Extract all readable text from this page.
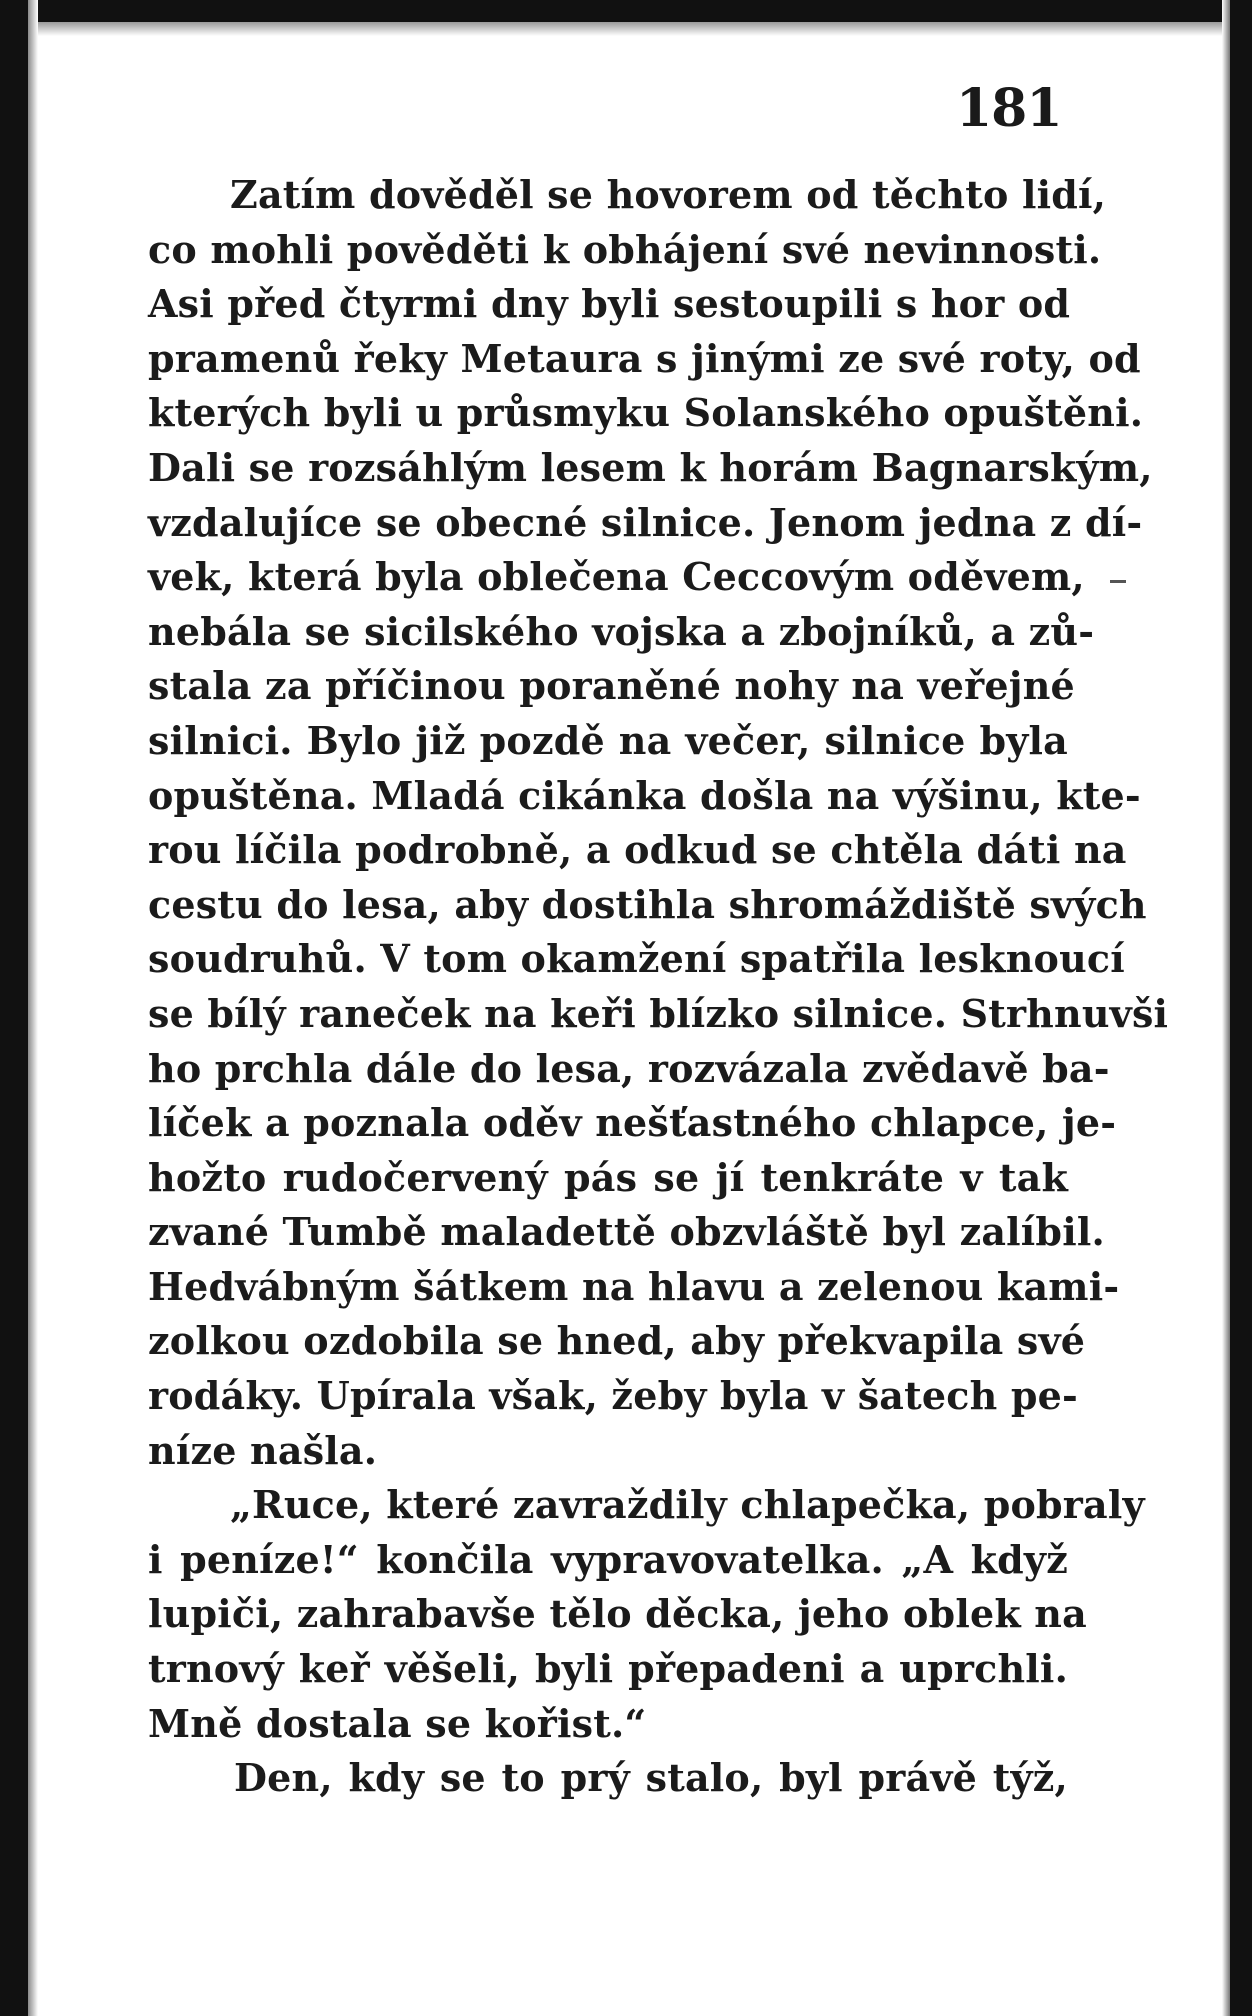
181
Zatím dověděl se hovorem od těchto lidí,
co mohli pověděti k obhájení své nevinnosti.
Asi před čtyrmi dny byli sestoupili s hor od
pramenů řeky Metaura s jinými ze své roty, od
kterých byli u průsmyku Solanského opuštěni.
Dali se rozsáhlým lesem k horám Bagnarským,
vzdalujíce se obecné silnice. Jenom jedna z dí-
vek, která byla oblečena Ceccovým oděvem,
nebála se sicilského vojska a zbojníků, a zů-
stala za příčinou poraněné nohy na veřejné
silnici. Bylo již pozdě na večer, silnice byla
opuštěna. Mladá cikánka došla na výšinu, kte-
rou líčila podrobně, a odkud se chtěla dáti na
cestu do lesa, aby dostihla shromáždiště svých
soudruhů. V tom okamžení spatřila lesknoucí
se bílý raneček na keři blízko silnice. Strhnuvši
ho prchla dále do lesa, rozvázala zvědavě ba-
líček a poznala oděv nešťastného chlapce, je-
hožto rudočervený pás se jí tenkráte v tak
zvané Tumbě maladettě obzvláště byl zalíbil.
Hedvábným šátkem na hlavu a zelenou kami-
zolkou ozdobila se hned, aby překvapila své
rodáky. Upírala však, žeby byla v šatech pe-
níze našla.
„Ruce, které zavraždily chlapečka, pobraly
i peníze!“ končila vypravovatelka. „A když
lupiči, zahrabavše tělo děcka, jeho oblek na
trnový keř věšeli, byli přepadeni a uprchli.
Mně dostala se kořist.“
Den, kdy se to prý stalo, byl právě týž,
